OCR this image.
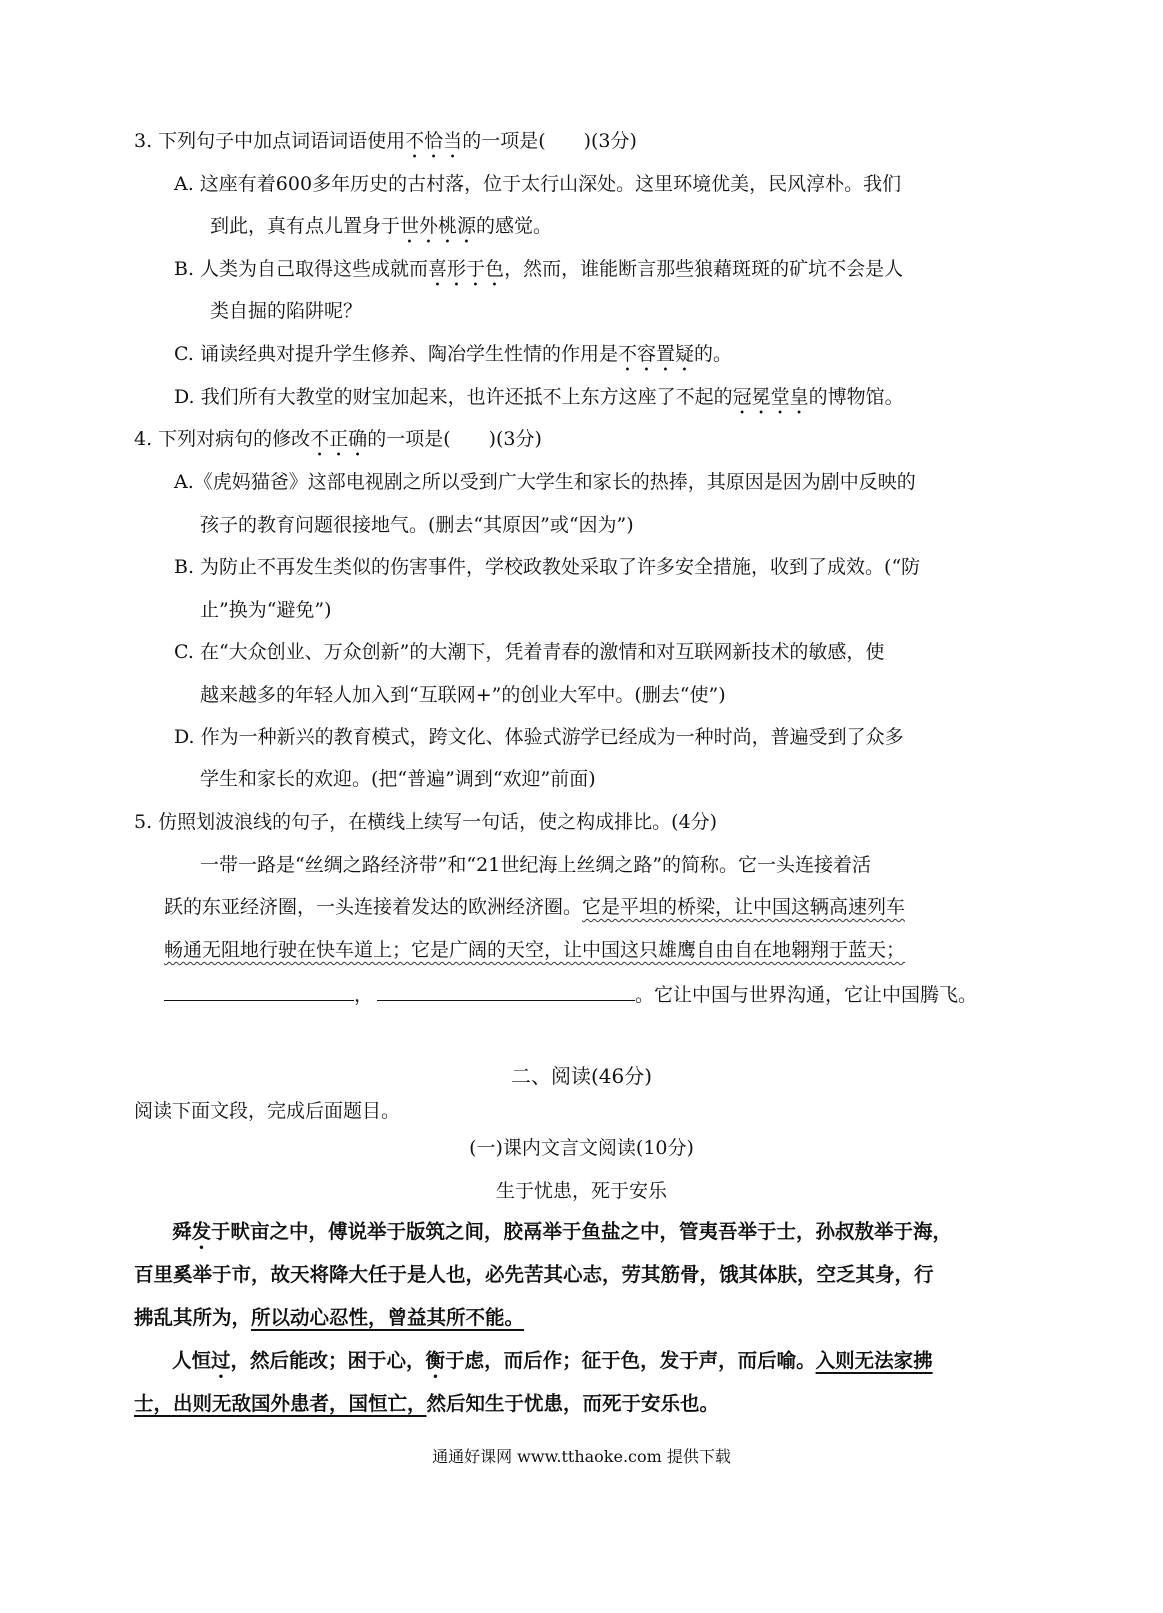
3. 下列句子中加点词语词语使用不恰当的一项是(　　)(3分)
A. 这座有着600多年历史的古村落，位于太行山深处。这里环境优美，民风淳朴。我们
到此，真有点儿置身于世外桃源的感觉。
B. 人类为自己取得这些成就而喜形于色，然而，谁能断言那些狼藉斑斑的矿坑不会是人
类自掘的陷阱呢？
C. 诵读经典对提升学生修养、陶冶学生性情的作用是不容置疑的。
D. 我们所有大教堂的财宝加起来，也许还抵不上东方这座了不起的冠冕堂皇的博物馆。
4. 下列对病句的修改不正确的一项是(　　)(3分)
A.《虎妈猫爸》这部电视剧之所以受到广大学生和家长的热捧，其原因是因为剧中反映的
孩子的教育问题很接地气。(删去“其原因”或“因为”)
B. 为防止不再发生类似的伤害事件，学校政教处采取了许多安全措施，收到了成效。(“防
止”换为“避免”)
C. 在“大众创业、万众创新”的大潮下，凭着青春的激情和对互联网新技术的敏感，使
越来越多的年轻人加入到“互联网+”的创业大军中。(删去“使”)
D. 作为一种新兴的教育模式，跨文化、体验式游学已经成为一种时尚，普遍受到了众多
学生和家长的欢迎。(把“普遍”调到“欢迎”前面)
5. 仿照划波浪线的句子，在横线上续写一句话，使之构成排比。(4分)
一带一路是“丝绸之路经济带”和“21世纪海上丝绸之路”的简称。它一头连接着活
跃的东亚经济圈，一头连接着发达的欧洲经济圈。它是平坦的桥梁，让中国这辆高速列车
畅通无阻地行驶在快车道上；它是广阔的天空，让中国这只雄鹰自由自在地翱翔于蓝天；
，	。它让中国与世界沟通，它让中国腾飞。
二、阅读(46分)
阅读下面文段，完成后面题目。
(一)课内文言文阅读(10分)
生于忧患，死于安乐
舜发于畎亩之中，傅说举于版筑之间，胶鬲举于鱼盐之中，管夷吾举于士，孙叔敖举于海，
百里奚举于市，故天将降大任于是人也，必先苦其心志，劳其筋骨，饿其体肤，空乏其身，行
拂乱其所为，所以动心忍性，曾益其所不能。
人恒过，然后能改；困于心，衡于虑，而后作；征于色，发于声，而后喻。入则无法家拂
士，出则无敌国外患者，国恒亡，然后知生于忧患，而死于安乐也。
通通好课网 www.tthaoke.com 提供下载
